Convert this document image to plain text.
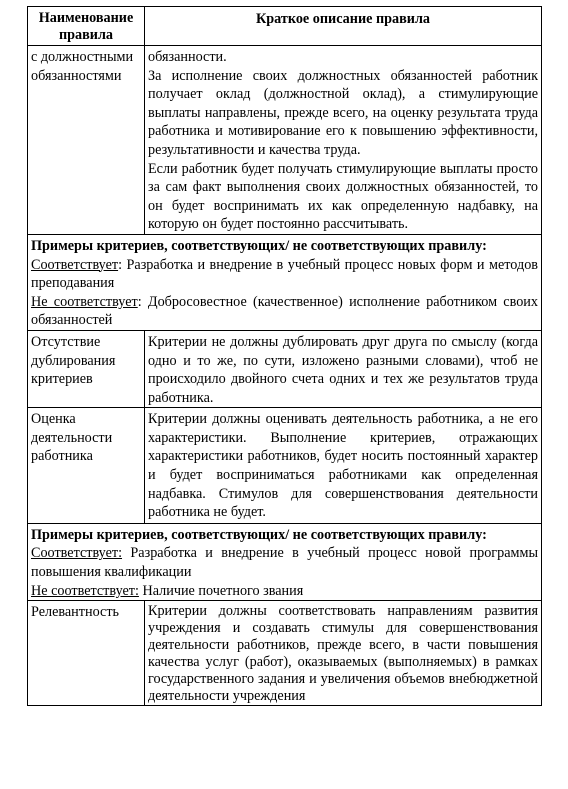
Наименование правила	Краткое описание правила
с должностными обязанностями	обязанности.

За исполнение своих должностных обязанностей работник получает оклад (должностной оклад), а стимулирующие выплаты направлены, прежде всего, на оценку результата труда работника и мотивирование его к повышению эффективности, результативности и качества труда.

Если работник будет получать стимулирующие выплаты просто за сам факт выполнения своих должностных обязанностей, то он будет воспринимать их как определенную надбавку, на которую он будет постоянно рассчитывать.

Примеры критериев, соответствующих/ не соответствующих правилу:
Соответствует: Разработка и внедрение в учебный процесс новых форм и методов преподавания
Не соответствует: Добросовестное (качественное) исполнение работником своих обязанностей	

Отсутствие дублирования критериев	Критерии не должны дублировать друг друга по смыслу (когда одно и то же, по сути, изложено разными словами), чтоб не происходило двойного счета одних и тех же результатов труда работника.
Оценка деятельности работника	Критерии должны оценивать деятельность работника, а не его характеристики. Выполнение критериев, отражающих характеристики работников, будет носить постоянный характер и будет восприниматься работниками как определенная надбавка. Стимулов для совершенствования деятельности работника не будет.

Примеры критериев, соответствующих/ не соответствующих правилу:
Соответствует: Разработка и внедрение в учебный процесс новой программы повышения квалификации
Не соответствует: Наличие почетного звания	

Релевантность	Критерии должны соответствовать направлениям развития учреждения и создавать стимулы для совершенствования деятельности работников, прежде всего, в части повышения качества услуг (работ), оказываемых (выполняемых) в рамках государственного задания и увеличения объемов внебюджетной деятельности учреждения
